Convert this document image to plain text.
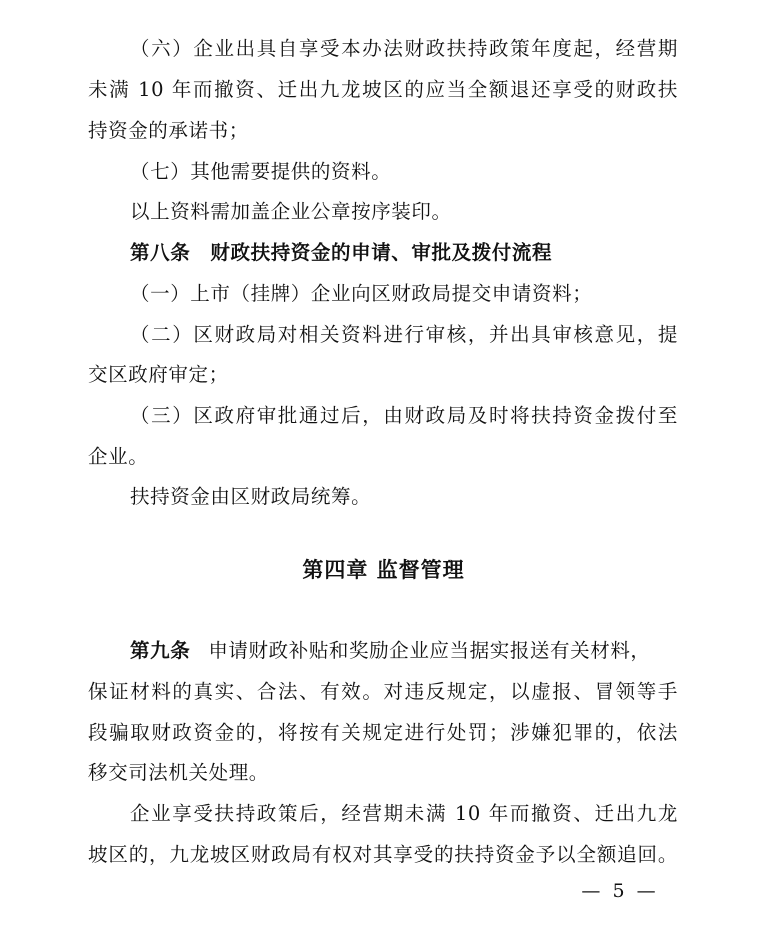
（六）企业出具自享受本办法财政扶持政策年度起，经营期
未满 10 年而撤资、迁出九龙坡区的应当全额退还享受的财政扶
持资金的承诺书；
（七）其他需要提供的资料。
以上资料需加盖企业公章按序装印。
第八条　财政扶持资金的申请、审批及拨付流程
（一）上市（挂牌）企业向区财政局提交申请资料；
（二）区财政局对相关资料进行审核，并出具审核意见，提
交区政府审定；
（三）区政府审批通过后，由财政局及时将扶持资金拨付至
企业。
扶持资金由区财政局统筹。
第四章 监督管理
第九条 申请财政补贴和奖励企业应当据实报送有关材料，
保证材料的真实、合法、有效。对违反规定，以虚报、冒领等手
段骗取财政资金的，将按有关规定进行处罚；涉嫌犯罪的，依法
移交司法机关处理。
企业享受扶持政策后，经营期未满 10 年而撤资、迁出九龙
坡区的，九龙坡区财政局有权对其享受的扶持资金予以全额追回。
— 5 —
